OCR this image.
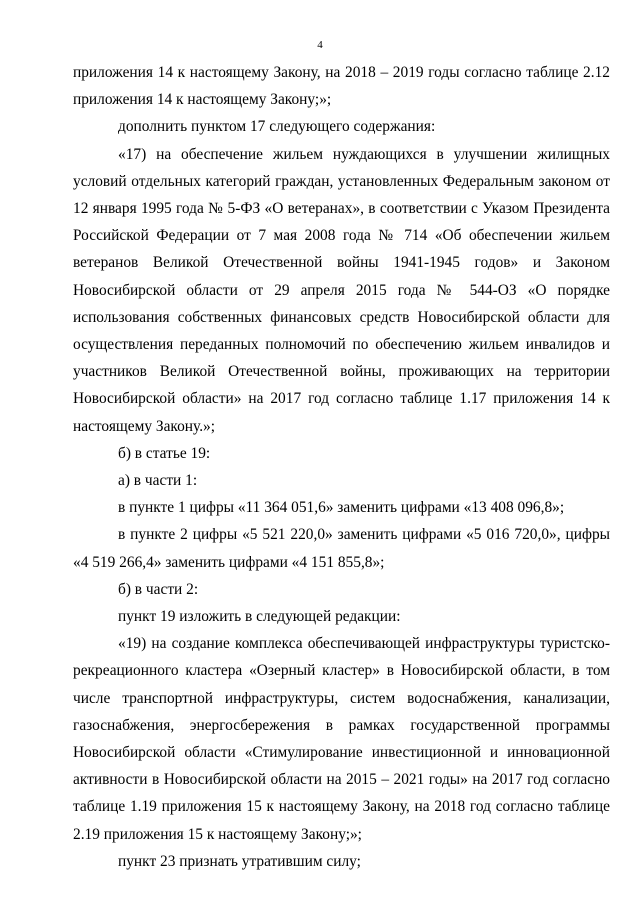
4

приложения 14 к настоящему Закону, на 2018 – 2019 годы согласно таблице 2.12 приложения 14 к настоящему Закону;»;

дополнить пунктом 17 следующего содержания:

«17) на обеспечение жильем нуждающихся в улучшении жилищных условий отдельных категорий граждан, установленных Федеральным законом от 12 января 1995 года № 5-ФЗ «О ветеранах», в соответствии с Указом Президента Российской Федерации от 7 мая 2008 года № 714 «Об обеспечении жильем ветеранов Великой Отечественной войны 1941-1945 годов» и Законом Новосибирской области от 29 апреля 2015 года № 544-ОЗ «О порядке использования собственных финансовых средств Новосибирской области для осуществления переданных полномочий по обеспечению жильем инвалидов и участников Великой Отечественной войны, проживающих на территории Новосибирской области» на 2017 год согласно таблице 1.17 приложения 14 к настоящему Закону.»;

б) в статье 19:

а) в части 1:

в пункте 1 цифры «11 364 051,6» заменить цифрами «13 408 096,8»;

в пункте 2 цифры «5 521 220,0» заменить цифрами «5 016 720,0», цифры «4 519 266,4» заменить цифрами «4 151 855,8»;

б) в части 2:

пункт 19 изложить в следующей редакции:

«19) на создание комплекса обеспечивающей инфраструктуры туристско-рекреационного кластера «Озерный кластер» в Новосибирской области, в том числе транспортной инфраструктуры, систем водоснабжения, канализации, газоснабжения, энергосбережения в рамках государственной программы Новосибирской области «Стимулирование инвестиционной и инновационной активности в Новосибирской области на 2015 – 2021 годы» на 2017 год согласно таблице 1.19 приложения 15 к настоящему Закону, на 2018 год согласно таблице 2.19 приложения 15 к настоящему Закону;»;

пункт 23 признать утратившим силу;
